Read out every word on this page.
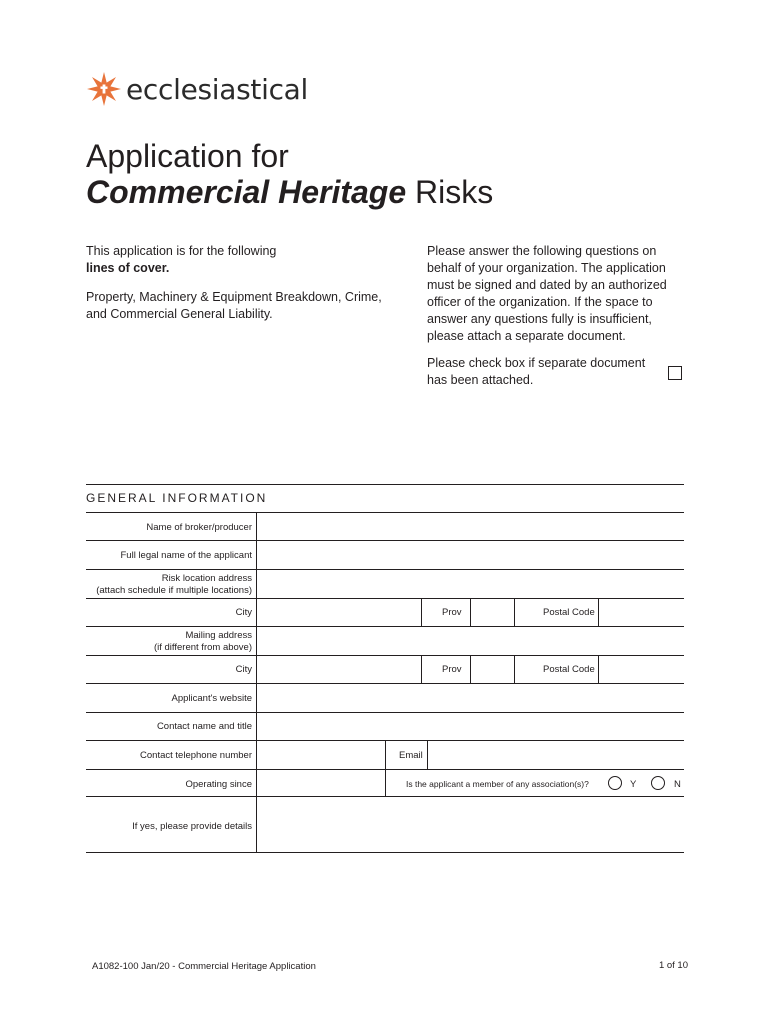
ecclesiastical
Application for
Commercial Heritage Risks

This application is for the following
lines of cover.

Property, Machinery & Equipment Breakdown, Crime, and Commercial General Liability.

Please answer the following questions on behalf of your organization. The application must be signed and dated by an authorized officer of the organization. If the space to answer any questions fully is insufficient, please attach a separate document.

Please check box if separate document has been attached.

GENERAL INFORMATION
Name of broker/producer
Full legal name of the applicant
Risk location address
(attach schedule if multiple locations)
City	Prov	Postal Code
Mailing address
(if different from above)
City	Prov	Postal Code
Applicant's website
Contact name and title
Contact telephone number	Email
Operating since	Is the applicant a member of any association(s)?	Y	N
If yes, please provide details
A1082-100 Jan/20 - Commercial Heritage Application	1 of 10
